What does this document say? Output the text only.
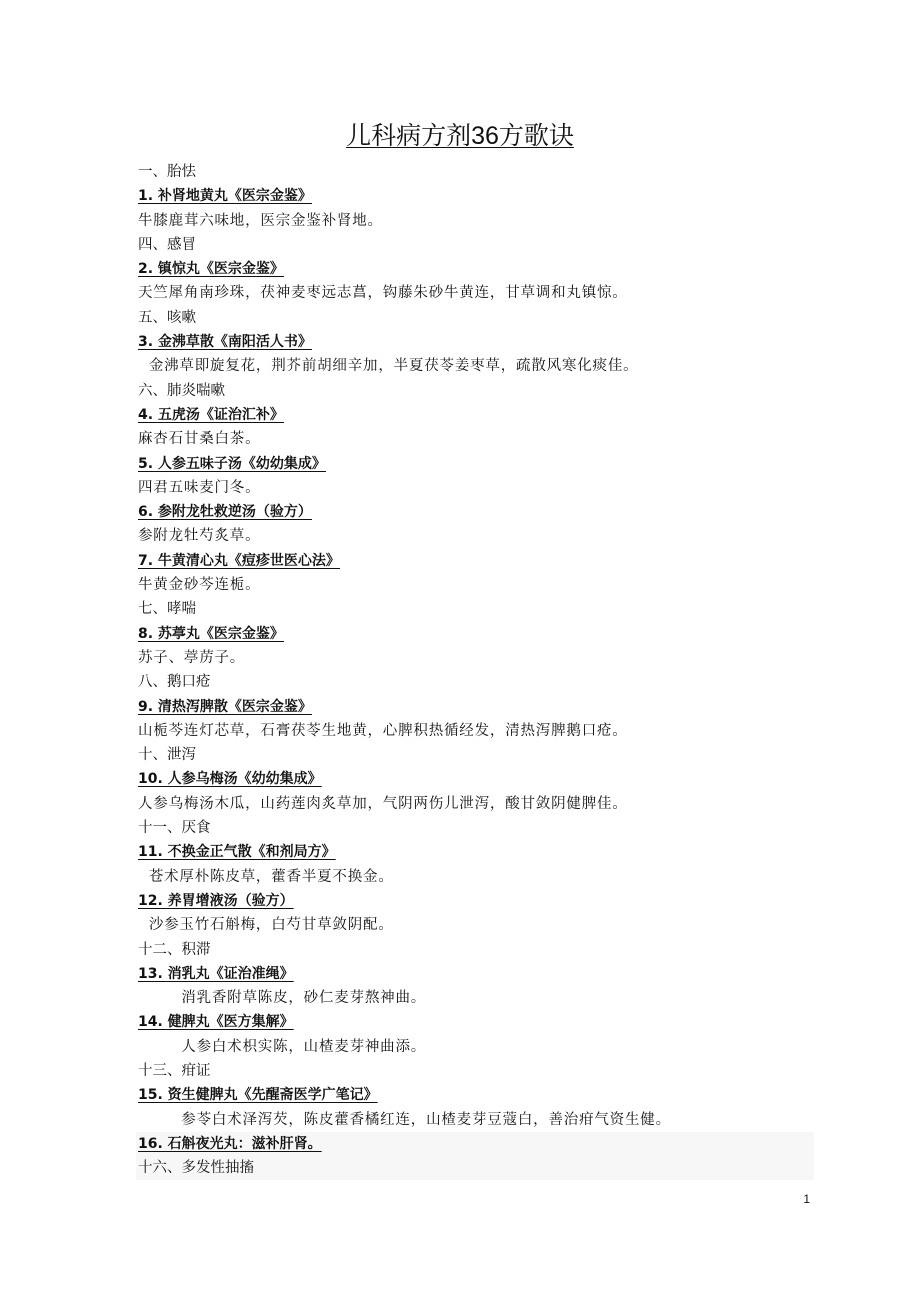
儿科病方剂36方歌诀
一、胎怯
1. 补肾地黄丸《医宗金鉴》
牛膝鹿茸六味地，医宗金鉴补肾地。
四、感冒
2. 镇惊丸《医宗金鉴》
天竺犀角南珍珠，茯神麦枣远志菖，钩藤朱砂牛黄连，甘草调和丸镇惊。
五、咳嗽
3. 金沸草散《南阳活人书》
金沸草即旋复花，荆芥前胡细辛加，半夏茯苓姜枣草，疏散风寒化痰佳。
六、肺炎喘嗽
4. 五虎汤《证治汇补》
麻杏石甘桑白茶。
5. 人参五味子汤《幼幼集成》
四君五味麦门冬。
6. 参附龙牡救逆汤（验方）
参附龙牡芍炙草。
7. 牛黄清心丸《痘疹世医心法》
牛黄金砂芩连栀。
七、哮喘
8. 苏葶丸《医宗金鉴》
苏子、葶苈子。
八、鹅口疮
9. 清热泻脾散《医宗金鉴》
山栀芩连灯芯草，石膏茯苓生地黄，心脾积热循经发，清热泻脾鹅口疮。
十、泄泻
10. 人参乌梅汤《幼幼集成》
人参乌梅汤木瓜，山药莲肉炙草加，气阴两伤儿泄泻，酸甘敛阴健脾佳。
十一、厌食
11. 不换金正气散《和剂局方》
苍术厚朴陈皮草，藿香半夏不换金。
12. 养胃增液汤（验方）
沙参玉竹石斛梅，白芍甘草敛阴配。
十二、积滞
13. 消乳丸《证治准绳》
消乳香附草陈皮，砂仁麦芽熬神曲。
14. 健脾丸《医方集解》
人参白术枳实陈，山楂麦芽神曲添。
十三、疳证
15. 资生健脾丸《先醒斋医学广笔记》
参苓白术泽泻芡，陈皮藿香橘红连，山楂麦芽豆蔻白，善治疳气资生健。
16. 石斛夜光丸：滋补肝肾。
十六、多发性抽搐
1
